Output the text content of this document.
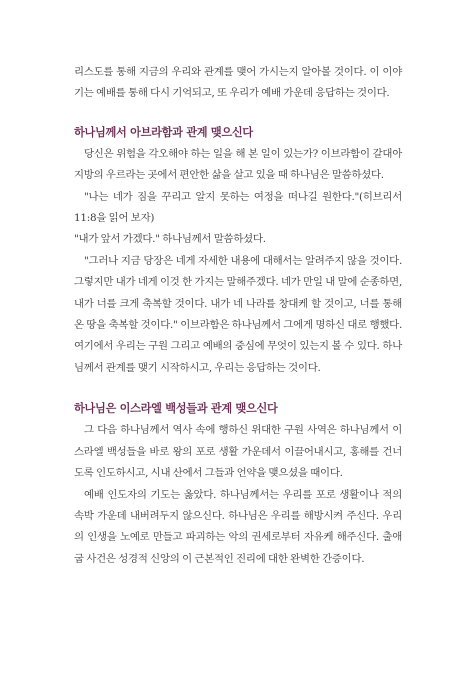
리스도를 통해 지금의 우리와 관계를 맺어 가시는지 알아볼 것이다. 이 이야기는 예배를 통해 다시 기억되고, 또 우리가 예배 가운데 응답하는 것이다.

하나님께서 아브라함과 관계 맺으신다

당신은 위험을 각오해야 하는 일을 해 본 일이 있는가? 이브라함이 갈대아 지방의 우르라는 곳에서 편안한 삶을 살고 있을 때 하나님은 말씀하셨다.

"나는 네가 짐을 꾸리고 알지 못하는 여정을 떠나길 원한다."(히브리서 11:8을 읽어 보자)

"내가 앞서 가겠다." 하나님께서 말씀하셨다.

"그러나 지금 당장은 네게 자세한 내용에 대해서는 알려주지 않을 것이다. 그렇지만 내가 네게 이것 한 가지는 말해주겠다. 네가 만일 내 말에 순종하면, 내가 너를 크게 축복할 것이다. 내가 네 나라를 창대케 할 것이고, 너를 통해 온 땅을 축복할 것이다." 이브라함은 하나님께서 그에게 명하신 대로 행했다. 여기에서 우리는 구원 그리고 예배의 중심에 무엇이 있는지 볼 수 있다. 하나님께서 관계를 맺기 시작하시고, 우리는 응답하는 것이다.

하나님은 이스라엘 백성들과 관계 맺으신다

그 다음 하나님께서 역사 속에 행하신 위대한 구원 사역은 하나님께서 이스라엘 백성들을 바로 왕의 포로 생활 가운데서 이끌어내시고, 홍해를 건너도록 인도하시고, 시내 산에서 그들과 언약을 맺으셨을 때이다.

예배 인도자의 기도는 옳았다. 하나님께서는 우리를 포로 생활이나 적의 속박 가운데 내버려두지 않으신다. 하나님은 우리를 해방시켜 주신다. 우리의 인생을 노예로 만들고 파괴하는 악의 권세로부터 자유케 해주신다. 출애굽 사건은 성경적 신앙의 이 근본적인 진리에 대한 완벽한 간증이다.
